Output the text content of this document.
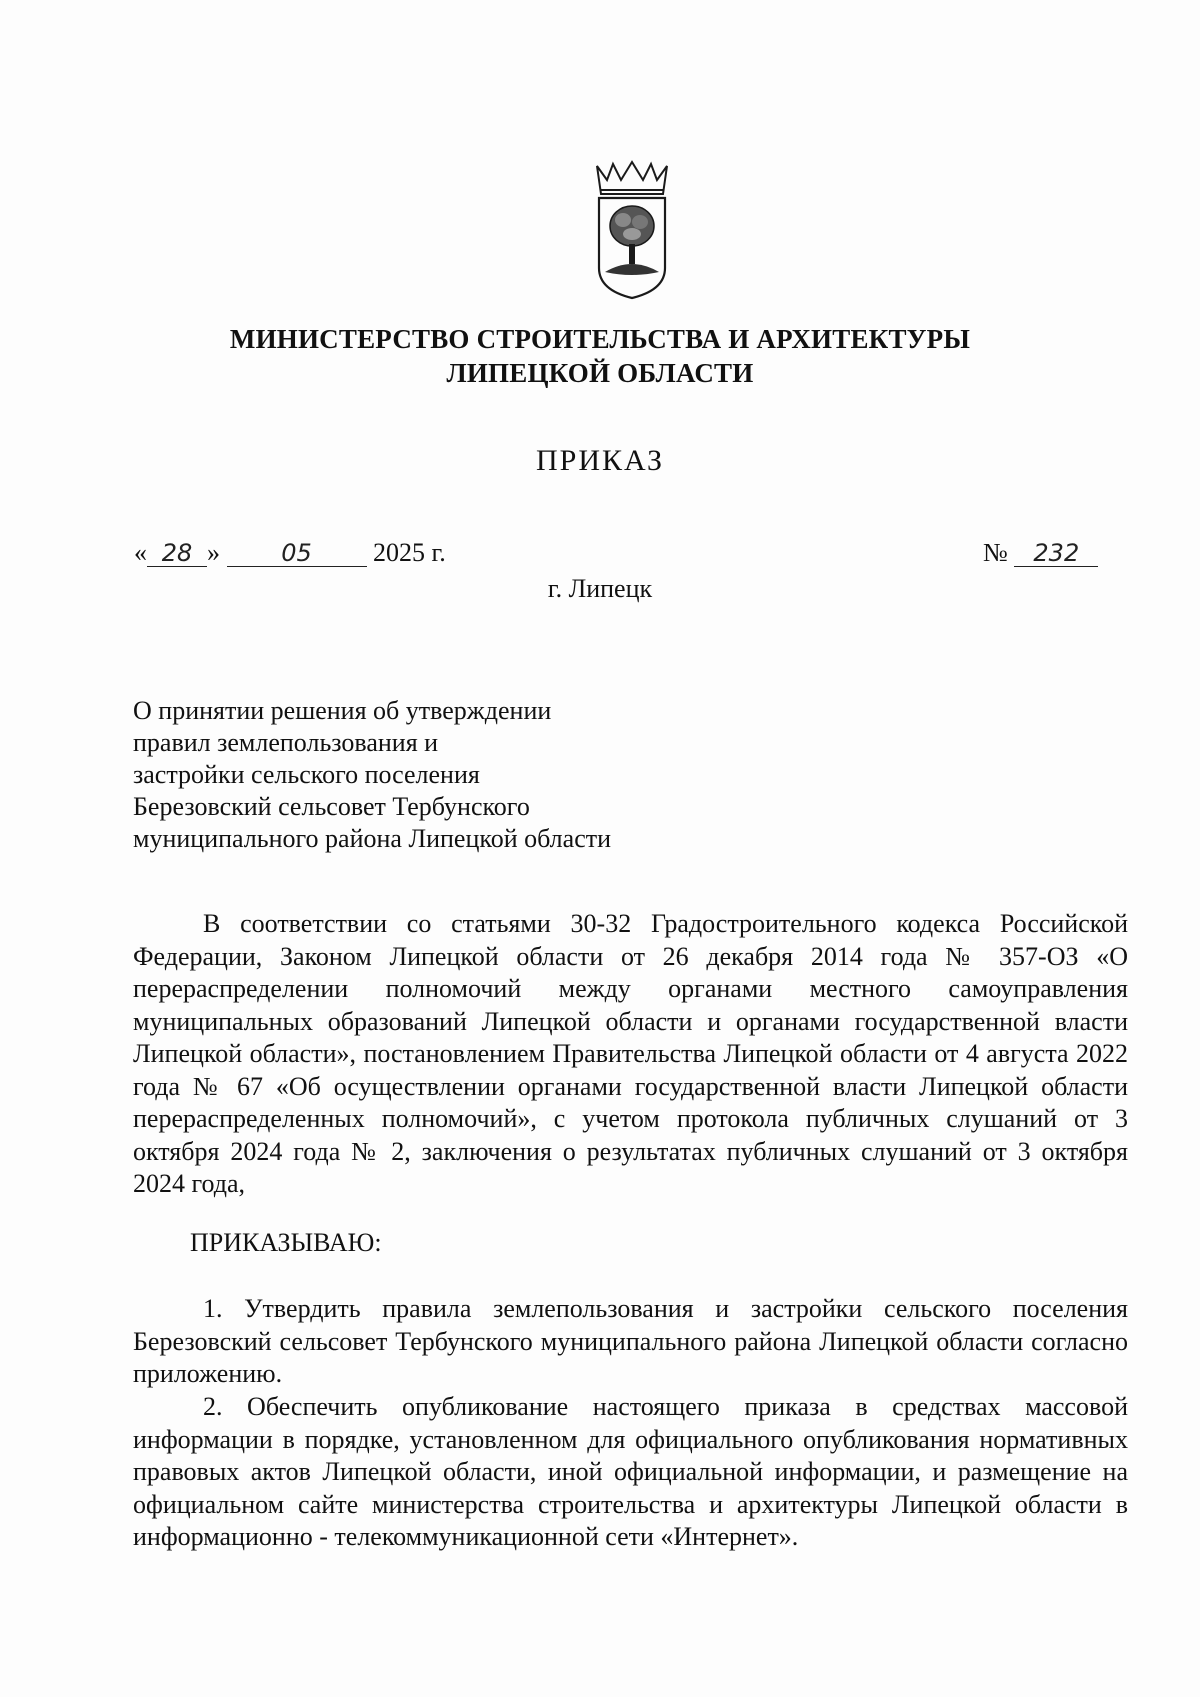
МИНИСТЕРСТВО СТРОИТЕЛЬСТВА И АРХИТЕКТУРЫ
ЛИПЕЦКОЙ ОБЛАСТИ
ПРИКАЗ
« 28 »	05 2025 г.	№ 232
г. Липецк
О принятии решения об утверждении
правил землепользования и
застройки сельского поселения
Березовский сельсовет Тербунского
муниципального района Липецкой области
В соответствии со статьями 30-32 Градостроительного кодекса Российской Федерации, Законом Липецкой области от 26 декабря 2014 года № 357-ОЗ «О перераспределении полномочий между органами местного самоуправления муниципальных образований Липецкой области и органами государственной власти Липецкой области», постановлением Правительства Липецкой области от 4 августа 2022 года № 67 «Об осуществлении органами государственной власти Липецкой области перераспределенных полномочий», с учетом протокола публичных слушаний от 3 октября 2024 года № 2, заключения о результатах публичных слушаний от 3 октября 2024 года,
ПРИКАЗЫВАЮ:
1. Утвердить правила землепользования и застройки сельского поселения Березовский сельсовет Тербунского муниципального района Липецкой области согласно приложению.
2. Обеспечить опубликование настоящего приказа в средствах массовой информации в порядке, установленном для официального опубликования нормативных правовых актов Липецкой области, иной официальной информации, и размещение на официальном сайте министерства строительства и архитектуры Липецкой области в информационно - телекоммуникационной сети «Интернет».
